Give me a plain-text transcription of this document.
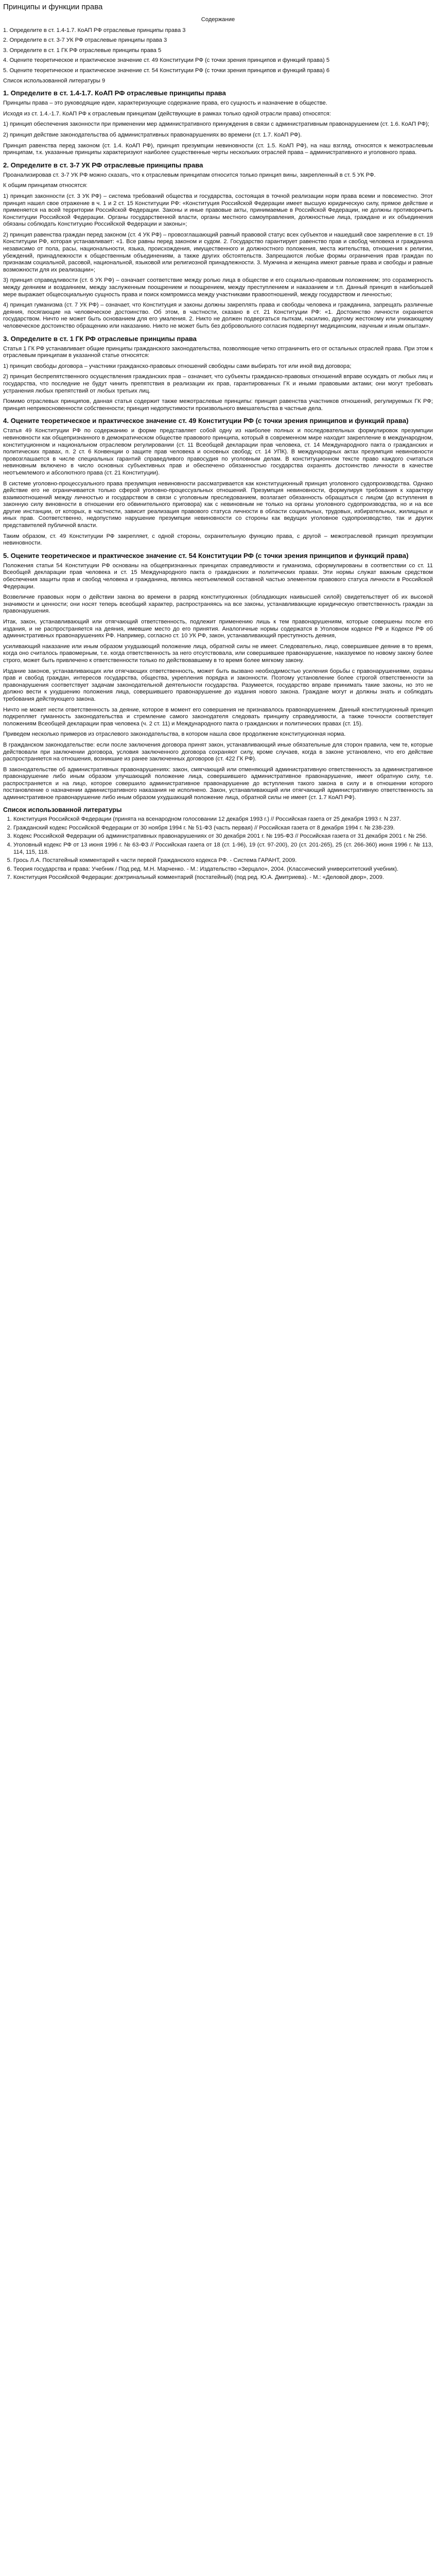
Принципы и функции права
Содержание
1. Определите в ст. 1.4-1.7. КоАП РФ отраслевые принципы права 3
2. Определите в ст. 3-7 УК РФ отраслевые принципы права 3
3. Определите в ст. 1 ГК РФ отраслевые принципы права 5
4. Оцените теоретическое и практическое значение ст. 49 Конституции РФ (с точки зрения принципов и функций права) 5
5. Оцените теоретическое и практическое значение ст. 54 Конституции РФ (с точки зрения принципов и функций права) 6
Список использованной литературы 9
1. Определите в ст. 1.4-1.7. КоАП РФ отраслевые принципы права

Принципы права – это руководящие идеи, характеризующие содержание права, его сущность и назначение в обществе.

Исходя из ст. 1.4.-1.7. КоАП РФ к отраслевым принципам (действующие в рамках только одной отрасли права) относятся:

1) принцип обеспечения законности при применении мер административного принуждения в связи с административным правонарушением (ст. 1.6. КоАП РФ);

2) принцип действие законодательства об административных правонарушениях во времени (ст. 1.7. КоАП РФ).

Принцип равенства перед законом (ст. 1.4. КоАП РФ), принцип презумпции невиновности (ст. 1.5. КоАП РФ), на наш взгляд, относятся к межотраслевым принципам, т.к. указанные принципы характеризуют наиболее существенные черты нескольких отраслей права – административного и уголовного права.

2. Определите в ст. 3-7 УК РФ отраслевые принципы права

Проанализировав ст. 3-7 УК РФ можно сказать, что к отраслевым принципам относится только принцип вины, закрепленный в ст. 5 УК РФ.

К общим принципам относятся:

1) принцип законности (ст. 3 УК РФ) – система требований общества и государства, состоящая в точной реализации норм права всеми и повсеместно. Этот принцип нашел свое отражение в ч. 1 и 2 ст. 15 Конституции РФ: «Конституция Российской Федерации имеет высшую юридическую силу, прямое действие и применяется на всей территории Российской Федерации. Законы и иные правовые акты, принимаемые в Российской Федерации, не должны противоречить Конституции Российской Федерации. Органы государственной власти, органы местного самоуправления, должностные лица, граждане и их объединения обязаны соблюдать Конституцию Российской Федерации и законы»;

2) принцип равенства граждан перед законом (ст. 4 УК РФ) – провозглашающий равный правовой статус всех субъектов и нашедший свое закрепление в ст. 19 Конституции РФ, которая устанавливает: «1. Все равны перед законом и судом. 2. Государство гарантирует равенство прав и свобод человека и гражданина независимо от пола, расы, национальности, языка, происхождения, имущественного и должностного положения, места жительства, отношения к религии, убеждений, принадлежности к общественным объединениям, а также других обстоятельств. Запрещаются любые формы ограничения прав граждан по признакам социальной, расовой, национальной, языковой или религиозной принадлежности. 3. Мужчина и женщина имеют равные права и свободы и равные возможности для их реализации»;

3) принцип справедливости (ст. 6 УК РФ) – означает соответствие между ролью лица в обществе и его социально-правовым положением; это соразмерность между деянием и воздаянием, между заслуженным поощрением и поощрением, между преступлением и наказанием и т.п. Данный принцип в наибольшей мере выражает общесоциальную сущность права и поиск компромисса между участниками правоотношений, между государством и личностью;

4) принцип гуманизма (ст. 7 УК РФ) – означает, что Конституция и законы должны закреплять права и свободы человека и гражданина, запрещать различные деяния, посягающие на человеческое достоинство. Об этом, в частности, сказано в ст. 21 Конституции РФ: «1. Достоинство личности охраняется государством. Ничто не может быть основанием для его умаления. 2. Никто не должен подвергаться пыткам, насилию, другому жестокому или унижающему человеческое достоинство обращению или наказанию. Никто не может быть без добровольного согласия подвергнут медицинским, научным и иным опытам».

3. Определите в ст. 1 ГК РФ отраслевые принципы права

Статья 1 ГК РФ устанавливает общие принципы гражданского законодательства, позволяющие четко отграничить его от остальных отраслей права. При этом к отраслевым принципам в указанной статье относятся:

1) принцип свободы договора – участники гражданско-правовых отношений свободны сами выбирать тот или иной вид договора;

2) принцип беспрепятственного осуществления гражданских прав – означает, что субъекты гражданско-правовых отношений вправе осуждать от любых лиц и государства, что последние не будут чинить препятствия в реализации их прав, гарантированных ГК и иными правовыми актами; они могут требовать устранения любых препятствий от любых третьих лиц.

Помимо отраслевых принципов, данная статья содержит также межотраслевые принципы: принцип равенства участников отношений, регулируемых ГК РФ; принцип неприкосновенности собственности; принцип недопустимости произвольного вмешательства в частные дела.

4. Оцените теоретическое и практическое значение ст. 49 Конституции РФ (с точки зрения принципов и функций права)

Статья 49 Конституции РФ по содержанию и форме представляет собой одну из наиболее полных и последовательных формулировок презумпции невиновности как общепризнанного в демократическом обществе правового принципа, который в современном мире находит закрепление в международном, конституционном и национальном отраслевом регулировании (ст. 11 Всеобщей декларации прав человека, ст. 14 Международного пакта о гражданских и политических правах, п. 2 ст. 6 Конвенции о защите прав человека и основных свобод; ст. 14 УПК). В международных актах презумпция невиновности провозглашается в числе специальных гарантий справедливого правосудия по уголовным делам. В конституционном тексте право каждого считаться невиновным включено в число основных субъективных прав и обеспечено обязанностью государства охранять достоинство личности в качестве неотъемлемого и абсолютного права (ст. 21 Конституции).

В системе уголовно-процессуального права презумпция невиновности рассматривается как конституционный принцип уголовного судопроизводства. Однако действие его не ограничивается только сферой уголовно-процессуальных отношений. Презумпция невиновности, формулируя требования к характеру взаимоотношений между личностью и государством в связи с уголовным преследованием, возлагает обязанность обращаться с лицом (до вступления в законную силу виновности в отношении его обвинительного приговора) как с невиновным не только на органы уголовного судопроизводства, но и на все другие инстанции, от которых, в частности, зависит реализация правового статуса личности в области социальных, трудовых, избирательных, жилищных и иных прав. Соответственно, недопустимо нарушение презумпции невиновности со стороны как ведущих уголовное судопроизводство, так и других представителей публичной власти.

Таким образом, ст. 49 Конституции РФ закрепляет, с одной стороны, охранительную функцию права, с другой – межотраслевой принцип презумпции невиновности.

5. Оцените теоретическое и практическое значение ст. 54 Конституции РФ (с точки зрения принципов и функций права)

Положения статьи 54 Конституции РФ основаны на общепризнанных принципах справедливости и гуманизма, сформулированы в соответствии со ст. 11 Всеобщей декларации прав человека и ст. 15 Международного пакта о гражданских и политических правах. Эти нормы служат важным средством обеспечения защиты прав и свобод человека и гражданина, являясь неотъемлемой составной частью элементом правового статуса личности в Российской Федерации.

Возвеличие правовых норм о действии закона во времени в разряд конституционных (обладающих наивысшей силой) свидетельствует об их высокой значимости и ценности; они носят теперь всеобщий характер, распространяясь на все законы, устанавливающие юридическую ответственность граждан за правонарушения.

Итак, закон, устанавливающий или отягчающий ответственность, подлежит применению лишь к тем правонарушениям, которые совершены после его издания, и не распространяется на деяния, имевшие место до его принятия. Аналогичные нормы содержатся в Уголовном кодексе РФ и Кодексе РФ об административных правонарушениях РФ. Например, согласно ст. 10 УК РФ, закон, устанавливающий преступность деяния,

усиливающий наказание или иным образом ухудшающий положение лица, обратной силы не имеет. Следовательно, лицо, совершившее деяние в то время, когда оно считалось правомерным, т.е. когда ответственность за него отсутствовала, или совершившее правонарушение, наказуемое по новому закону более строго, может быть привлечено к ответственности только по действовавшему в то время более мягкому закону.

Издание законов, устанавливающих или отягчающих ответственность, может быть вызвано необходимостью усиления борьбы с правонарушениями, охраны прав и свобод граждан, интересов государства, общества, укрепления порядка и законности. Поэтому установление более строгой ответственности за правонарушения соответствует задачам законодательной деятельности государства. Разумеется, государство вправе принимать такие законы, но это не должно вести к ухудшению положения лица, совершившего правонарушение до издания нового закона. Граждане могут и должны знать и соблюдать требования действующего закона.

Ничто не может нести ответственность за деяние, которое в момент его совершения не признавалось правонарушением. Данный конституционный принцип подкрепляет гуманность законодательства и стремление самого законодателя следовать принципу справедливости, а также точности соответствует положениям Всеобщей декларации прав человека (ч. 2 ст. 11) и Международного пакта о гражданских и политических правах (ст. 15).

Приведем несколько примеров из отраслевого законодательства, в котором нашла свое продолжение конституционная норма.

В гражданском законодательстве: если после заключения договора принят закон, устанавливающий иные обязательные для сторон правила, чем те, которые действовали при заключении договора, условия заключенного договора сохраняют силу, кроме случаев, когда в законе установлено, что его действие распространяется на отношения, возникшие из ранее заключенных договоров (ст. 422 ГК РФ).

В законодательстве об административных правонарушениях: закон, смягчающий или отменяющий административную ответственность за административное правонарушение либо иным образом улучшающий положение лица, совершившего административное правонарушение, имеет обратную силу, т.е. распространяется и на лицо, которое совершило административное правонарушение до вступления такого закона в силу и в отношении которого постановление о назначении административного наказания не исполнено. Закон, устанавливающий или отягчающий административную ответственность за административное правонарушение либо иным образом ухудшающий положение лица, обратной силы не имеет (ст. 1.7 КоАП РФ).

Список использованной литературы
1. Конституция Российской Федерации (принята на всенародном голосовании 12 декабря 1993 г.) // Российская газета от 25 декабря 1993 г. N 237.
2. Гражданский кодекс Российской Федерации от 30 ноября 1994 г. № 51-ФЗ (часть первая) // Российская газета от 8 декабря 1994 г. № 238-239.
3. Кодекс Российской Федерации об административных правонарушениях от 30 декабря 2001 г. № 195-ФЗ // Российская газета от 31 декабря 2001 г. № 256.
4. Уголовный кодекс РФ от 13 июня 1996 г. № 63-ФЗ // Российская газета от 18 (ст. 1-96), 19 (ст. 97-200), 20 (ст. 201-265), 25 (ст. 266-360) июня 1996 г. № 113, 114, 115, 118.
5. Грось Л.А. Постатейный комментарий к части первой Гражданского кодекса РФ. - Система ГАРАНТ, 2009.
6. Теория государства и права: Учебник / Под ред. М.Н. Марченко. - М.: Издательство «Зерцало», 2004. (Классический университетский учебник).
7. Конституция Российской Федерации: доктринальный комментарий (постатейный) (под ред. Ю.А. Дмитриева). - М.: «Деловой двор», 2009.
